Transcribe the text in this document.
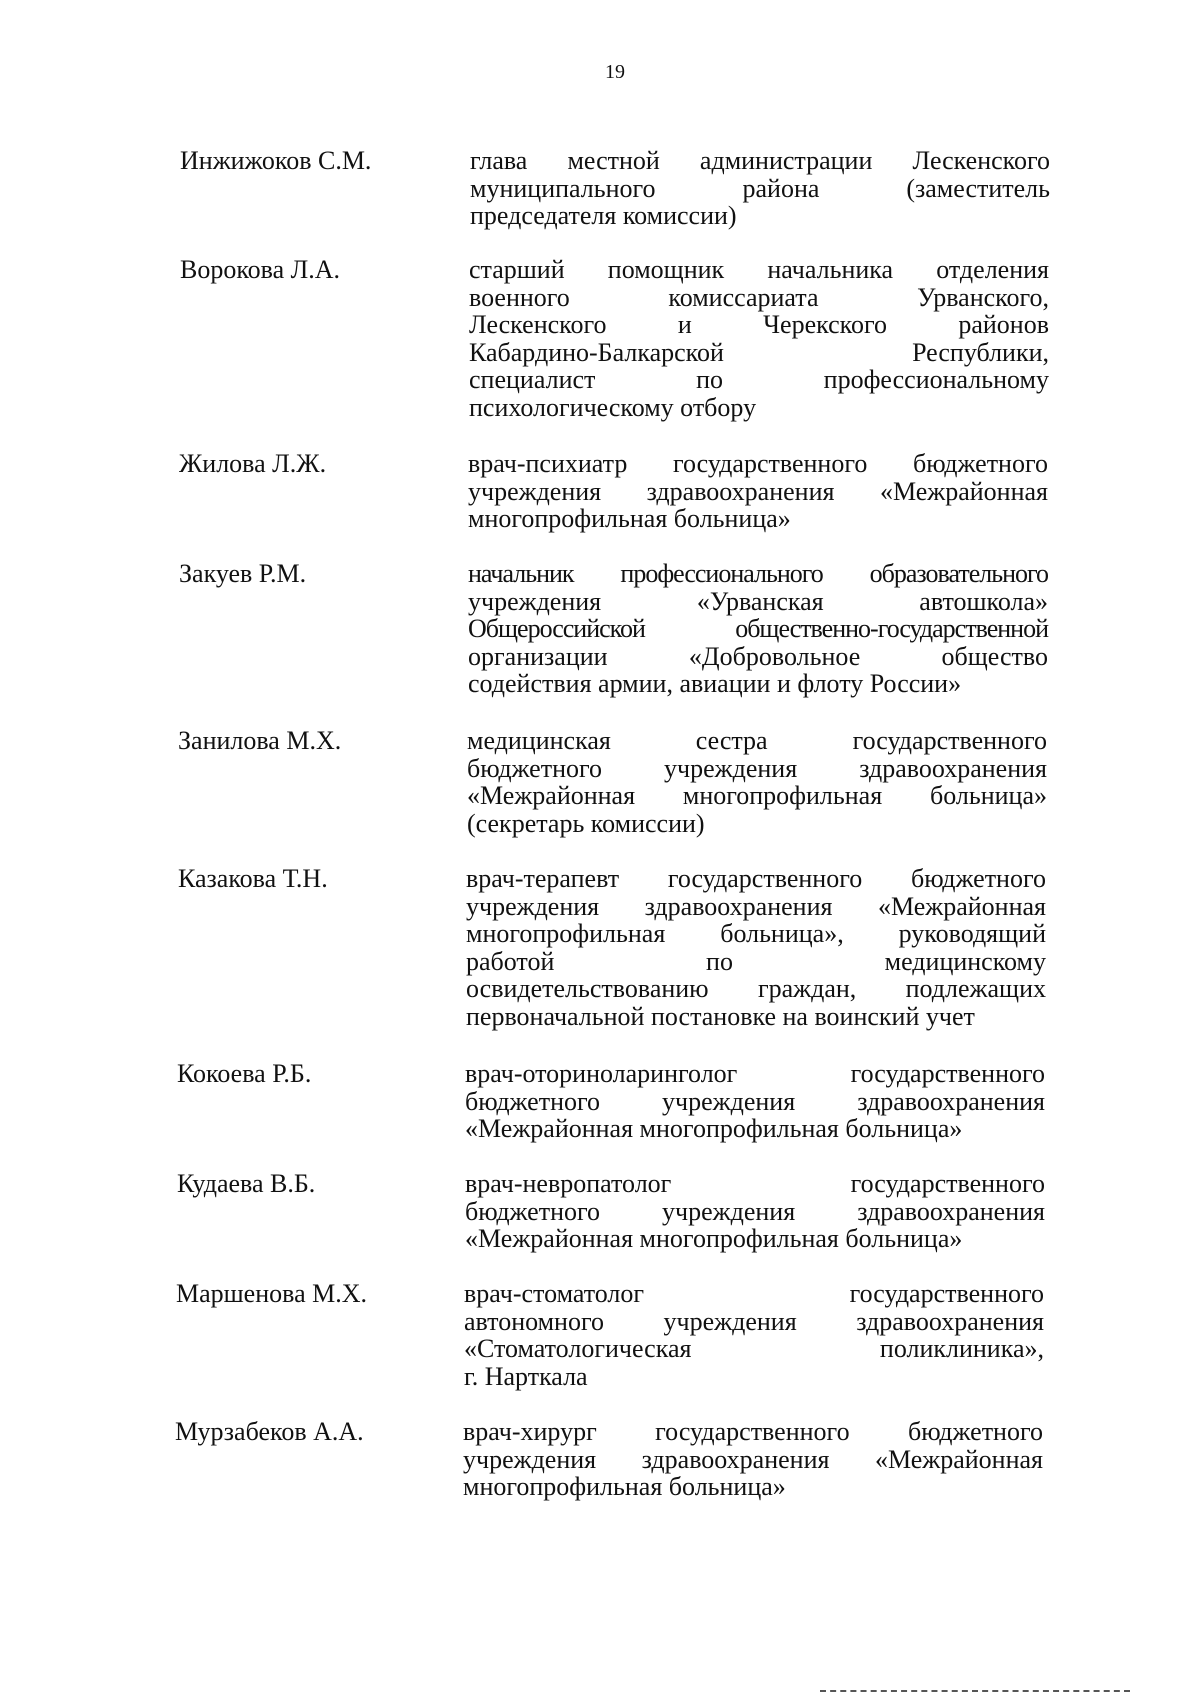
19
Инжижоков С.М.	глава местной администрации Лескенского
муниципального района (заместитель
председателя комиссии)
Ворокова Л.А.	старший помощник начальника отделения
военного комиссариата Урванского,
Лескенского и Черекского районов
Кабардино-Балкарской Республики,
специалист по профессиональному
психологическому отбору
Жилова Л.Ж.	врач-психиатр государственного бюджетного
учреждения здравоохранения «Межрайонная
многопрофильная больница»
Закуев Р.М.	начальник профессионального образовательного
учреждения «Урванская автошкола»
Общероссийской общественно-государственной
организации «Добровольное общество
содействия армии, авиации и флоту России»
Занилова М.Х.	медицинская сестра государственного
бюджетного учреждения здравоохранения
«Межрайонная многопрофильная больница»
(секретарь комиссии)
Казакова Т.Н.	врач-терапевт государственного бюджетного
учреждения здравоохранения «Межрайонная
многопрофильная больница», руководящий
работой по медицинскому
освидетельствованию граждан, подлежащих
первоначальной постановке на воинский учет
Кокоева Р.Б.	врач-оториноларинголог государственного
бюджетного учреждения здравоохранения
«Межрайонная многопрофильная больница»
Кудаева В.Б.	врач-невропатолог государственного
бюджетного учреждения здравоохранения
«Межрайонная многопрофильная больница»
Маршенова М.Х.	врач-стоматолог государственного
автономного учреждения здравоохранения
«Стоматологическая поликлиника»,
г. Нарткала
Мурзабеков А.А.	врач-хирург государственного бюджетного
учреждения здравоохранения «Межрайонная
многопрофильная больница»
